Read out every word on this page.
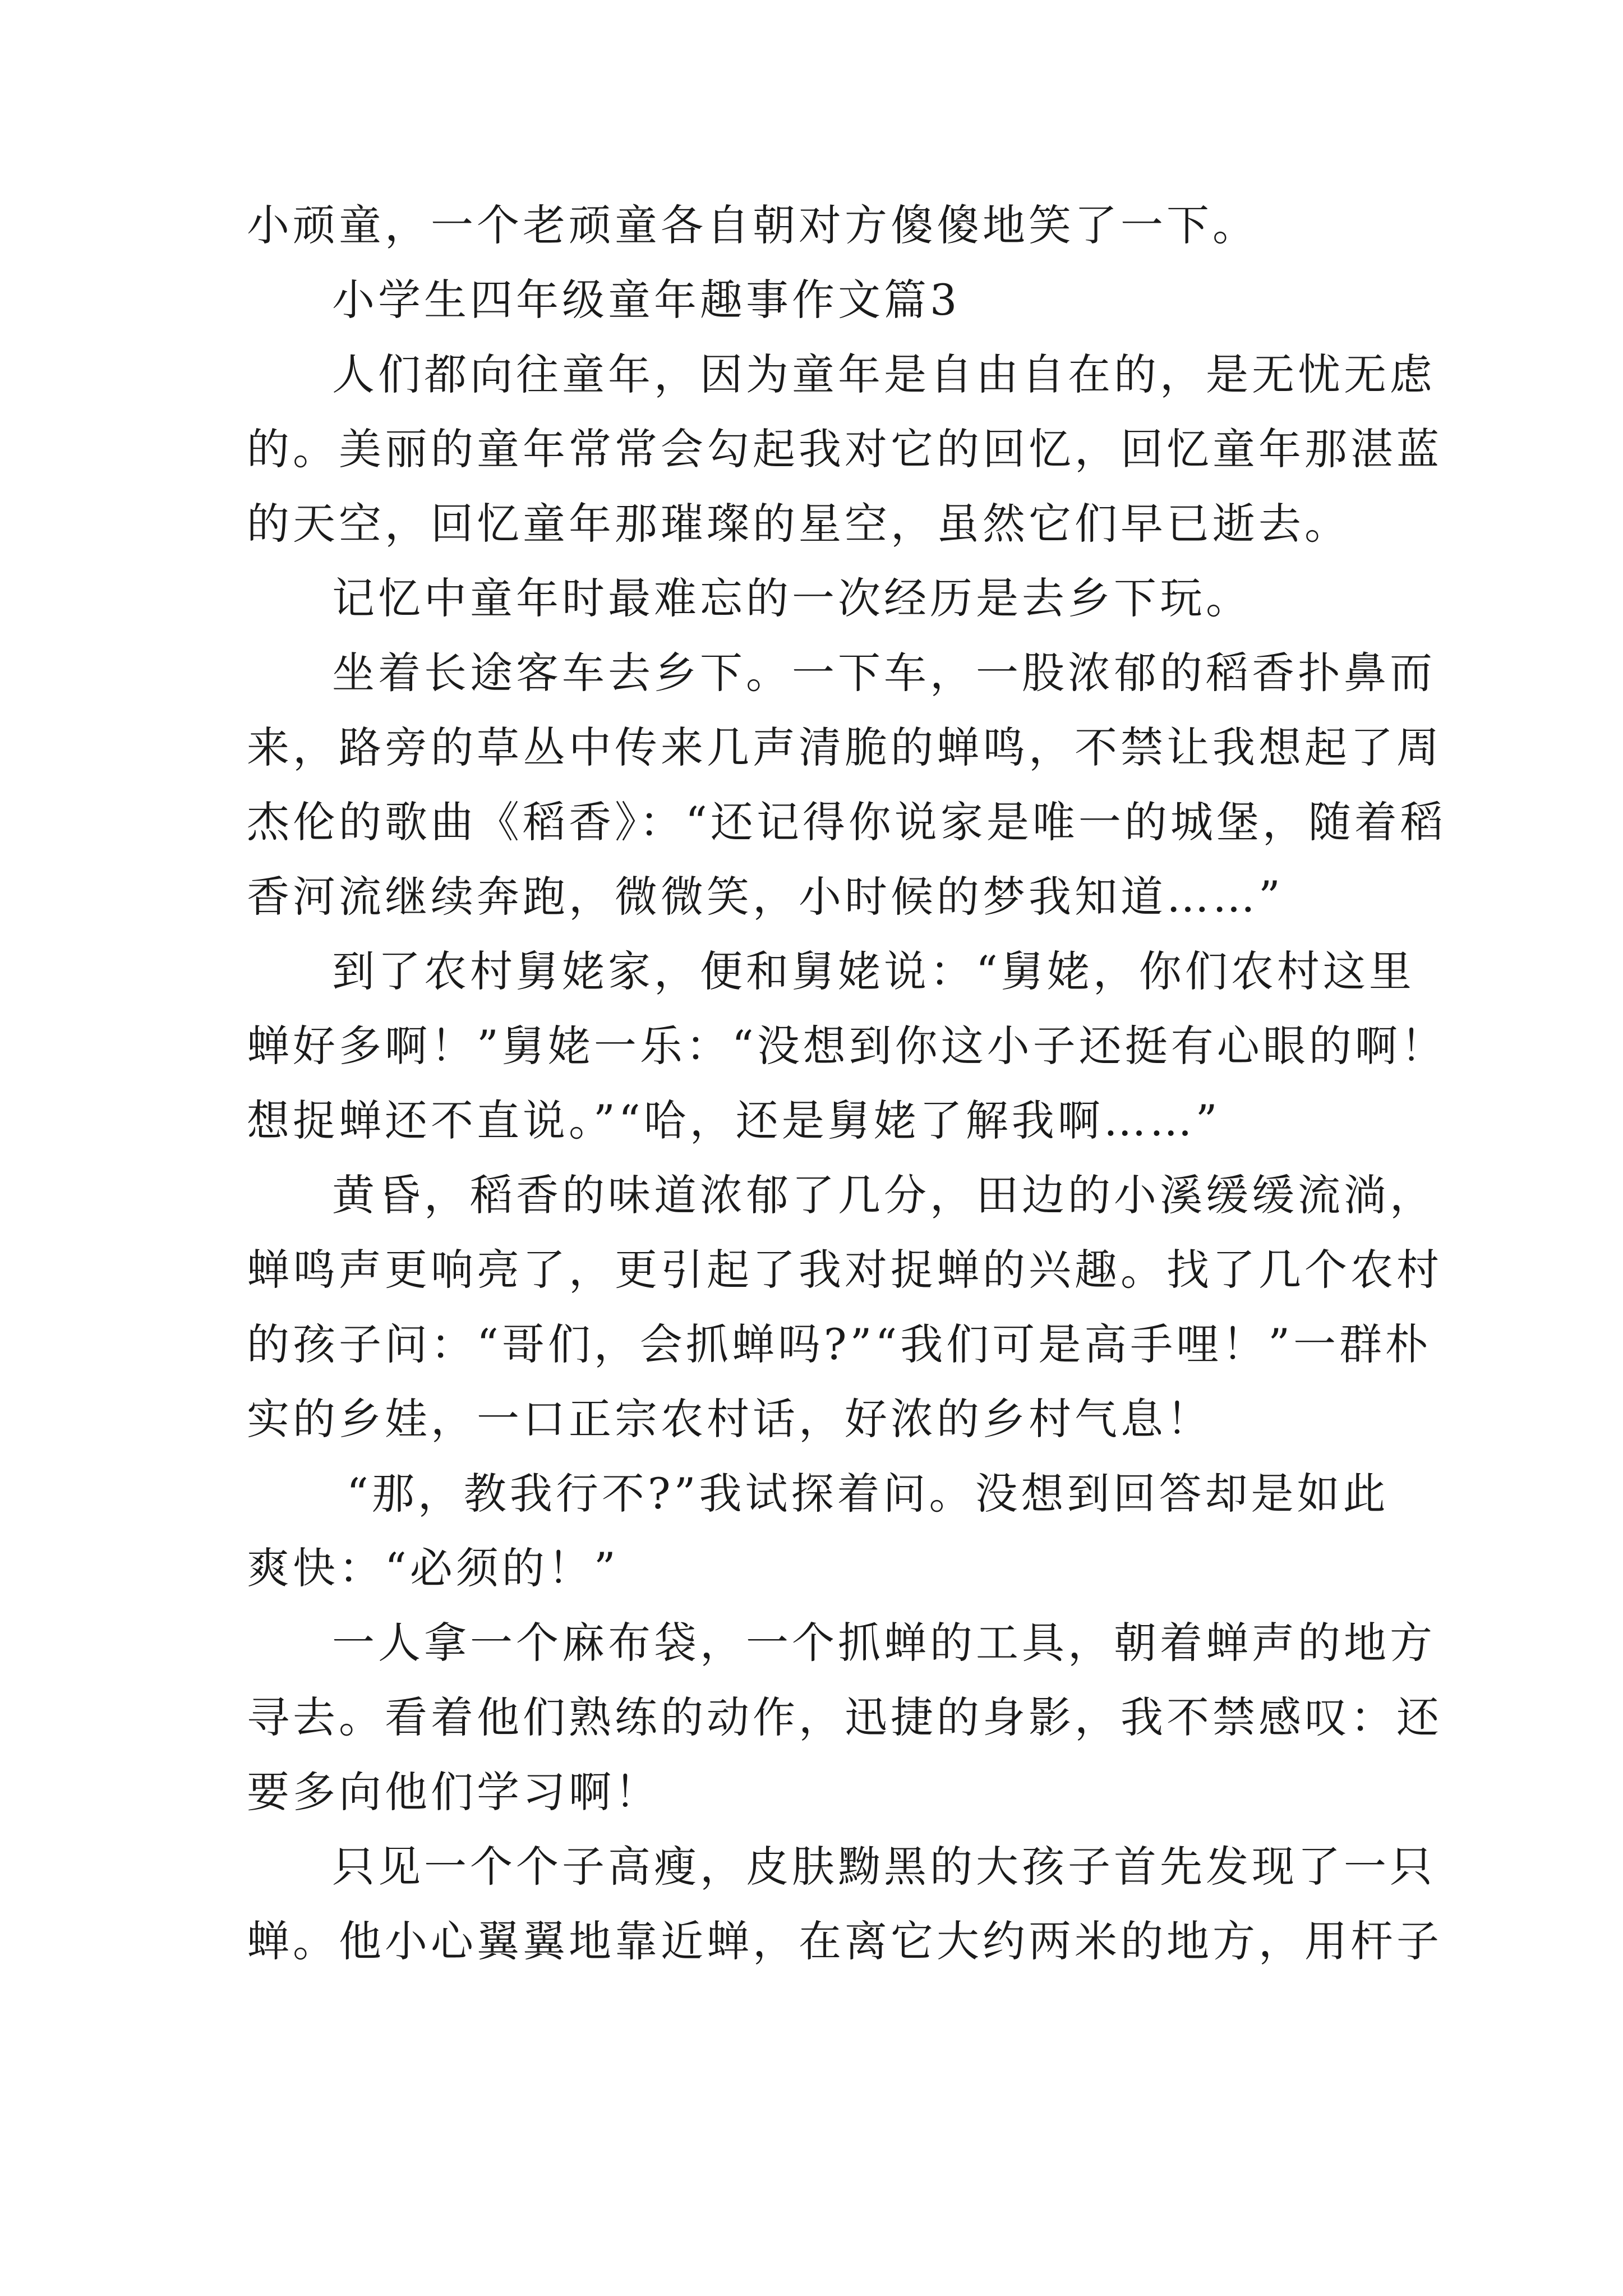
小顽童，一个老顽童各自朝对方傻傻地笑了一下。
小学生四年级童年趣事作文篇3
人们都向往童年，因为童年是自由自在的，是无忧无虑
的。美丽的童年常常会勾起我对它的回忆，回忆童年那湛蓝
的天空，回忆童年那璀璨的星空，虽然它们早已逝去。
记忆中童年时最难忘的一次经历是去乡下玩。
坐着长途客车去乡下。一下车，一股浓郁的稻香扑鼻而
来，路旁的草丛中传来几声清脆的蝉鸣，不禁让我想起了周
杰伦的歌曲《稻香》：“还记得你说家是唯一的城堡，随着稻
香河流继续奔跑，微微笑，小时候的梦我知道……”
到了农村舅姥家，便和舅姥说：“舅姥，你们农村这里
蝉好多啊！”舅姥一乐：“没想到你这小子还挺有心眼的啊！
想捉蝉还不直说。”“哈，还是舅姥了解我啊……”
黄昏，稻香的味道浓郁了几分，田边的小溪缓缓流淌，
蝉鸣声更响亮了，更引起了我对捉蝉的兴趣。找了几个农村
的孩子问：“哥们，会抓蝉吗?”“我们可是高手哩！”一群朴
实的乡娃，一口正宗农村话，好浓的乡村气息！
“那，教我行不?”我试探着问。没想到回答却是如此
爽快：“必须的！”
一人拿一个麻布袋，一个抓蝉的工具，朝着蝉声的地方
寻去。看着他们熟练的动作，迅捷的身影，我不禁感叹：还
要多向他们学习啊！
只见一个个子高瘦，皮肤黝黑的大孩子首先发现了一只
蝉。他小心翼翼地靠近蝉，在离它大约两米的地方，用杆子
